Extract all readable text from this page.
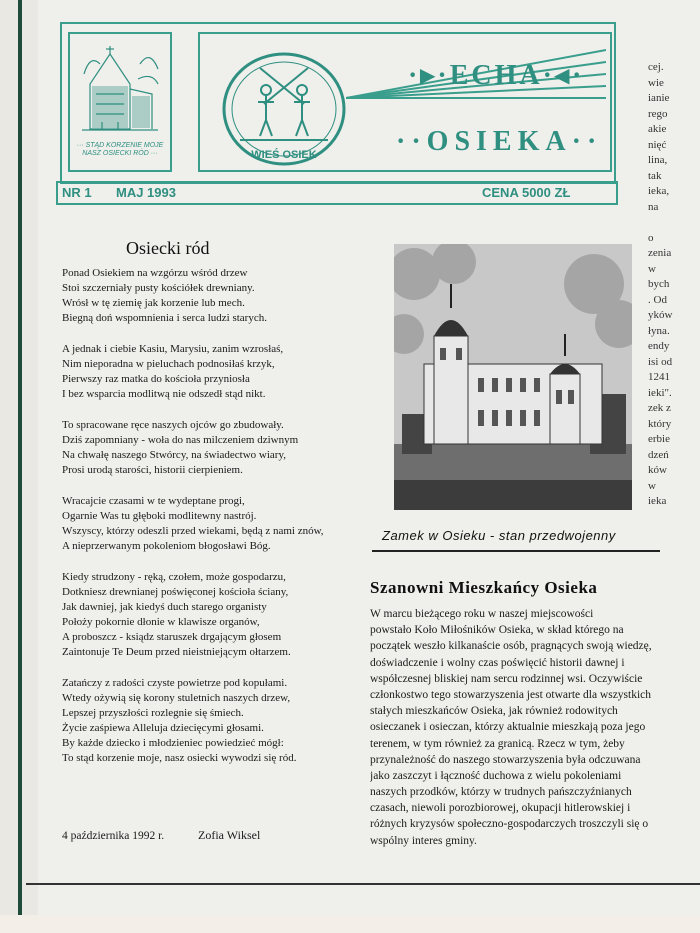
cej.
wie
ianie
rego
akie
nięć
lina,
tak
ieka,
na
o
zenia
w
bych
. Od
yków
łyna.
endy
isi od
1241
ieki".
zek z
który
erbie
dzeń
ków
w
ieka
··· STĄD KORZENIE MOJE NASZ OSIECKI RÓD ···	WIEŚ OSIEK
·▸·ECHA·◂·
··OSIEKA··
NR 1 MAJ 1993	CENA 5000 ZŁ
Osiecki ród
Ponad Osiekiem na wzgórzu wśród drzew
Stoi szczerniały pusty kościółek drewniany.
Wrósł w tę ziemię jak korzenie lub mech.
Biegną doń wspomnienia i serca ludzi starych.
A jednak i ciebie Kasiu, Marysiu, zanim wzrosłaś,
Nim nieporadna w pieluchach podnosiłaś krzyk,
Pierwszy raz matka do kościoła przyniosła
I bez wsparcia modlitwą nie odszedł stąd nikt.
To spracowane ręce naszych ojców go zbudowały.
Dziś zapomniany - woła do nas milczeniem dziwnym
Na chwałę naszego Stwórcy, na świadectwo wiary,
Prosi urodą starości, historii cierpieniem.
Wracajcie czasami w te wydeptane progi,
Ogarnie Was tu głęboki modlitewny nastrój.
Wszyscy, którzy odeszli przed wiekami, będą z nami znów,
A nieprzerwanym pokoleniom błogosławi Bóg.
Kiedy strudzony - ręką, czołem, może gospodarzu,
Dotkniesz drewnianej poświęconej kościoła ściany,
Jak dawniej, jak kiedyś duch starego organisty
Położy pokornie dłonie w klawisze organów,
A proboszcz - ksiądz staruszek drgającym głosem
Zaintonuje Te Deum przed nieistniejącym ołtarzem.
Zatańczy z radości czyste powietrze pod kopułami.
Wtedy ożywią się korony stuletnich naszych drzew,
Lepszej przyszłości rozlegnie się śmiech.
Życie zaśpiewa Alleluja dziecięcymi głosami.
By każde dziecko i młodzieniec powiedzieć mógł:
To stąd korzenie moje, nasz osiecki wywodzi się ród.
4 października 1992 r.	Zofia Wiksel
Zamek w Osieku - stan przedwojenny
Szanowni Mieszkańcy Osieka
W marcu bieżącego roku w naszej miejscowości
powstało Koło Miłośników Osieka, w skład którego na
początek weszło kilkanaście osób, pragnących swoją wiedzę,
doświadczenie i wolny czas poświęcić historii dawnej i
współczesnej bliskiej nam sercu rodzinnej wsi. Oczywiście
członkostwo tego stowarzyszenia jest otwarte dla wszystkich
stałych mieszkańców Osieka, jak również rodowitych
osieczanek i osieczan, którzy aktualnie mieszkają poza jego
terenem, w tym również za granicą. Rzecz w tym, żeby
przynależność do naszego stowarzyszenia była odczuwana
jako zaszczyt i łączność duchowa z wielu pokoleniami
naszych przodków, którzy w trudnych pańszczyźnianych
czasach, niewoli porozbiorowej, okupacji hitlerowskiej i
różnych kryzysów społeczno-gospodarczych troszczyli się o
wspólny interes gminy.
